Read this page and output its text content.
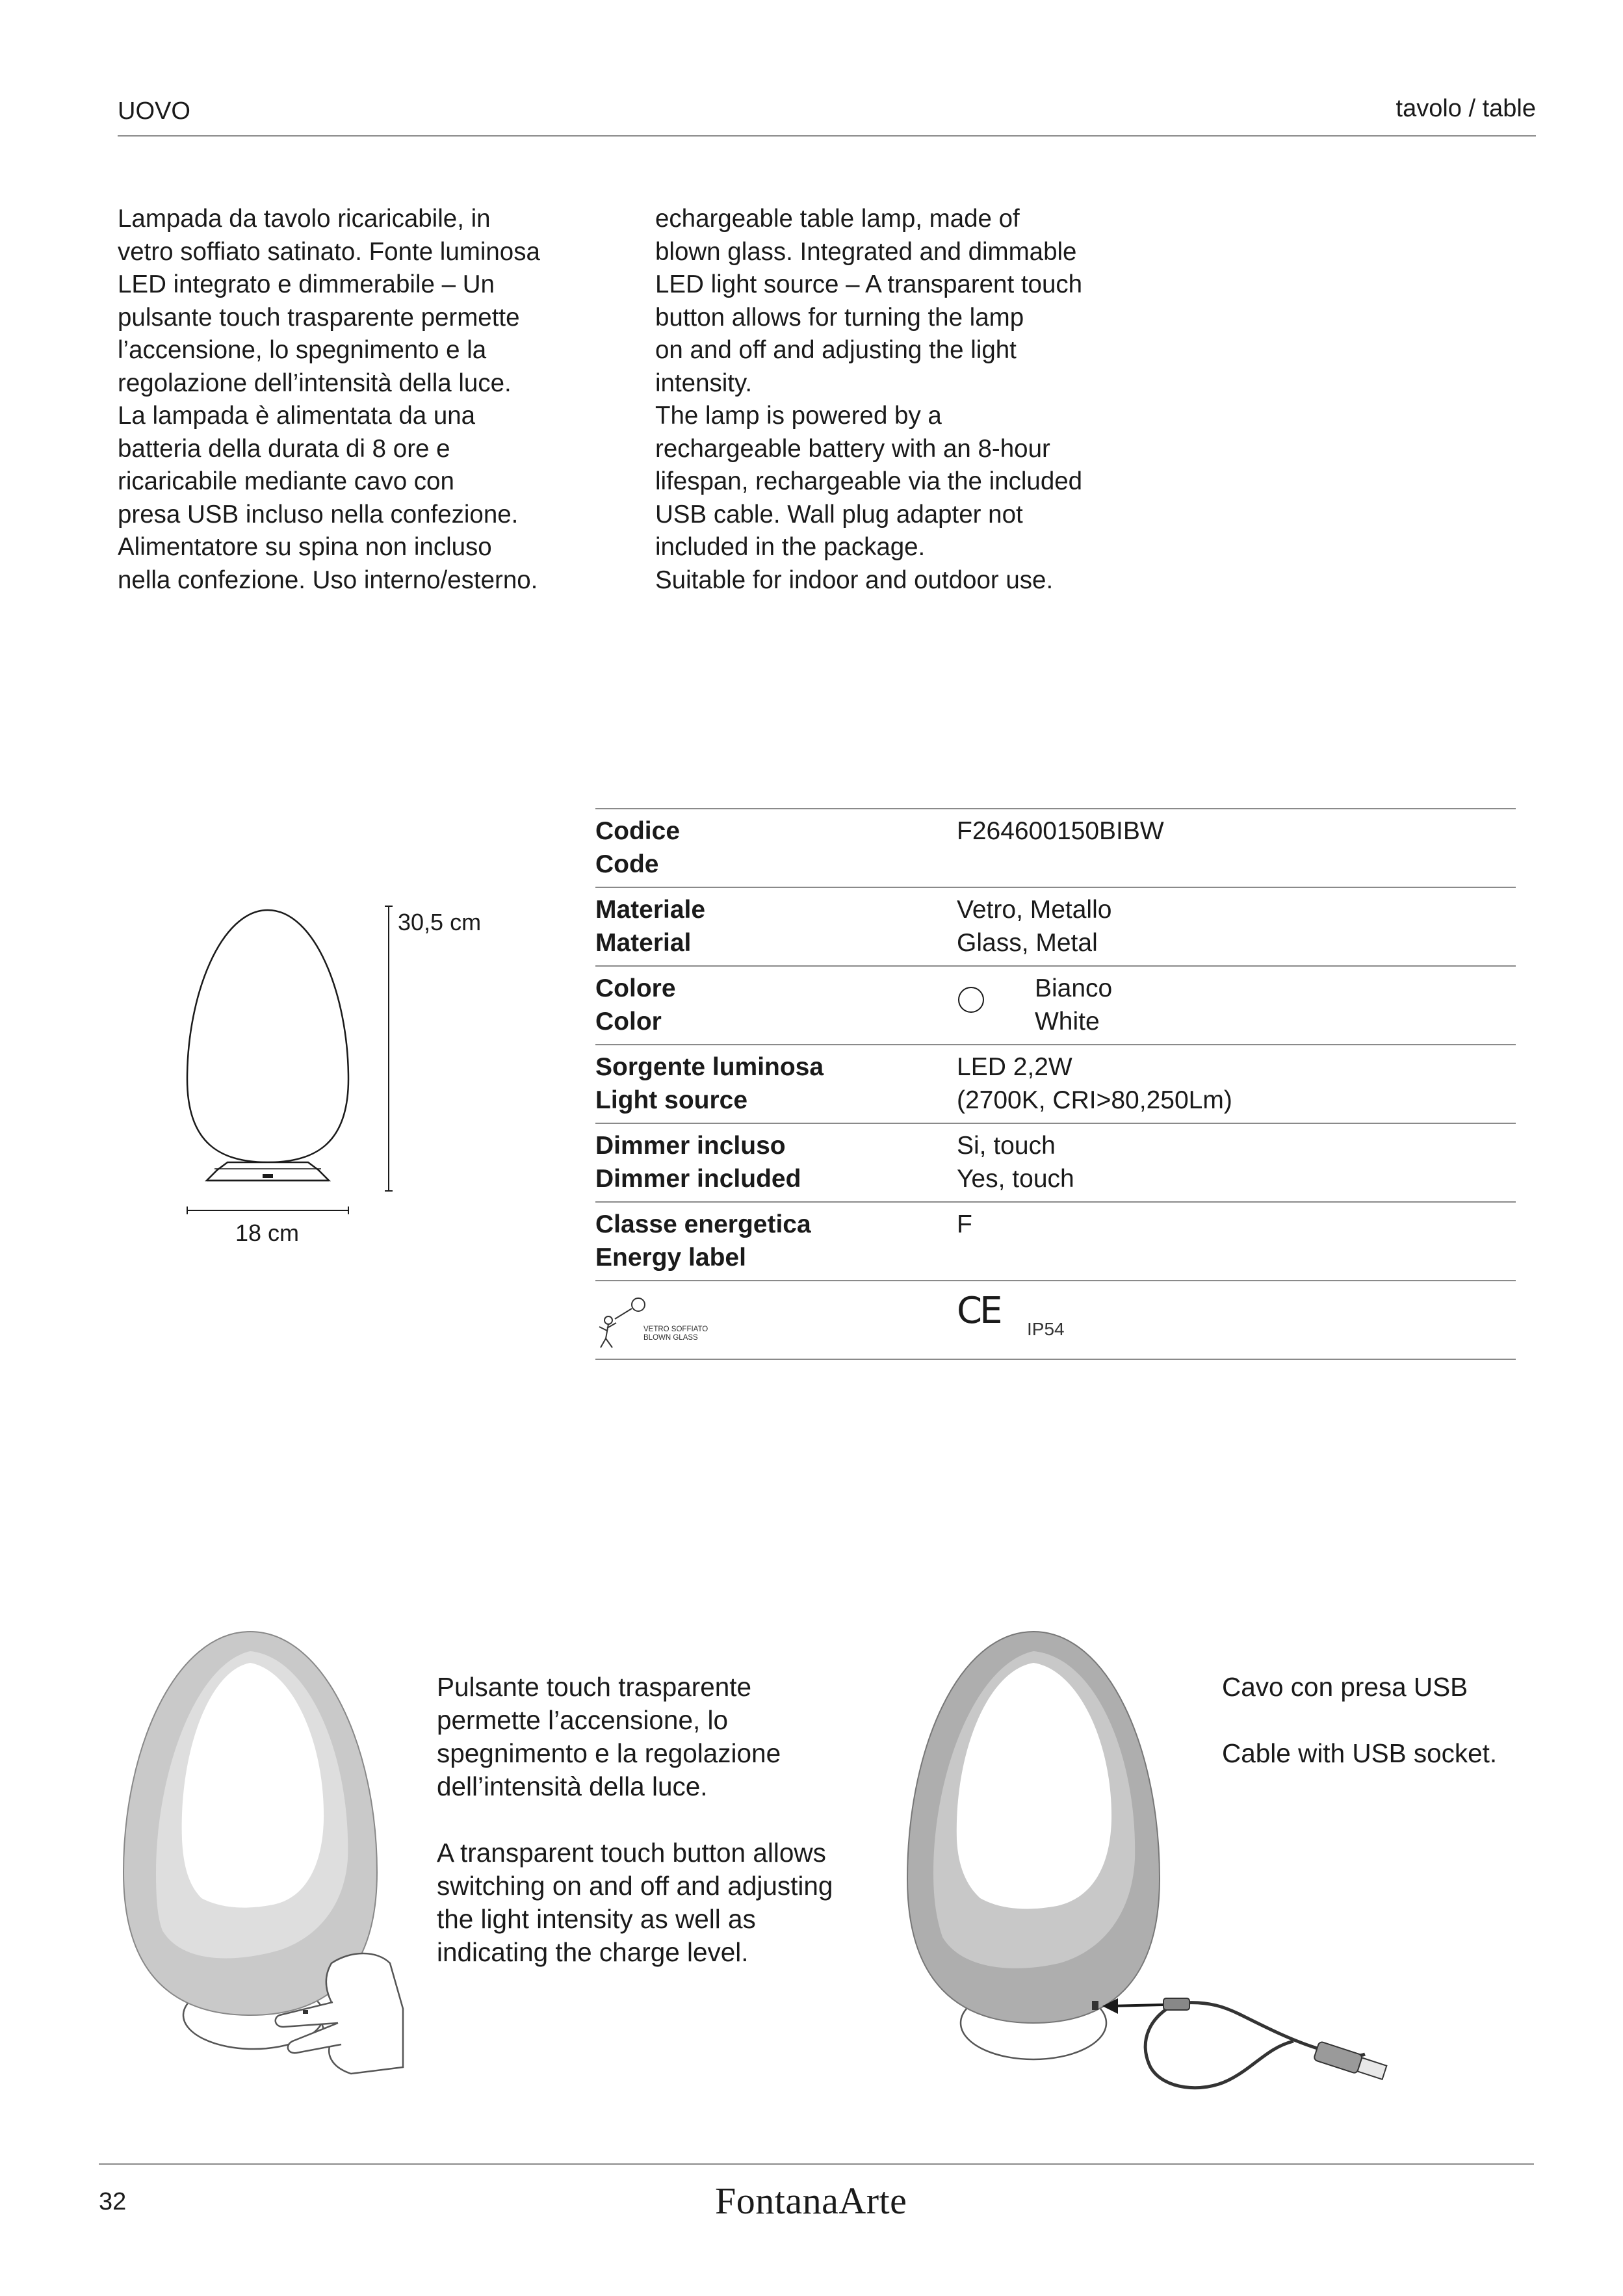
UOVO	tavolo / table

Lampada da tavolo ricaricabile, in
vetro soffiato satinato. Fonte luminosa
LED integrato e dimmerabile – Un
pulsante touch trasparente permette
l’accensione, lo spegnimento e la
regolazione dell’intensità della luce.
La lampada è alimentata da una
batteria della durata di 8 ore e
ricaricabile mediante cavo con
presa USB incluso nella confezione.
Alimentatore su spina non incluso
nella confezione. Uso interno/esterno.

echargeable table lamp, made of
blown glass. Integrated and dimmable
LED light source – A transparent touch
button allows for turning the lamp
on and off and adjusting the light
intensity.
The lamp is powered by a
rechargeable battery with an 8-hour
lifespan, rechargeable via the included
USB cable. Wall plug adapter not
included in the package.
Suitable for indoor and outdoor use.

30,5 cm
18 cm
Codice
Code
F264600150BIBW
Materiale
Material
Vetro, Metallo
Glass, Metal
Colore
Color
Bianco
White
Sorgente luminosa
Light source
LED 2,2W
(2700K, CRI>80,250Lm)
Dimmer incluso
Dimmer included
Si, touch
Yes, touch
Classe energetica
Energy label
F
VETRO SOFFIATO
BLOWN GLASS
CE IP54
Pulsante touch trasparente
permette l’accensione, lo
spegnimento e la regolazione
dell’intensità della luce.

A transparent touch button allows
switching on and off and adjusting
the light intensity as well as
indicating the charge level.
Cavo con presa USB

Cable with USB socket.
32	FontanaArte
